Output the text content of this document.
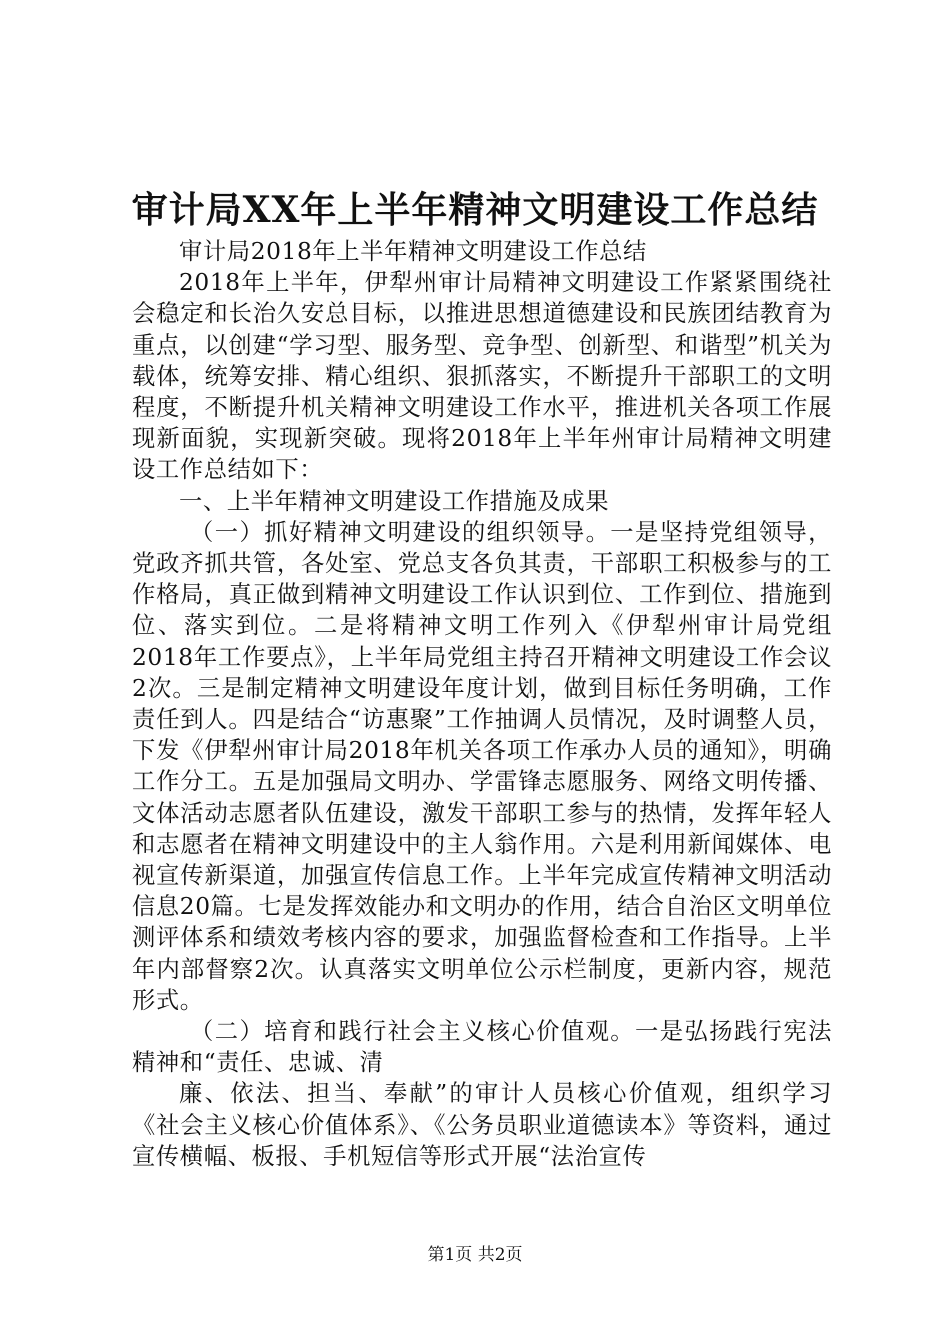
审计局XX年上半年精神文明建设工作总结

审计局2018年上半年精神文明建设工作总结

2018年上半年，伊犁州审计局精神文明建设工作紧紧围绕社会稳定和长治久安总目标，以推进思想道德建设和民族团结教育为重点，以创建“学习型、服务型、竞争型、创新型、和谐型”机关为载体，统筹安排、精心组织、狠抓落实，不断提升干部职工的文明程度，不断提升机关精神文明建设工作水平，推进机关各项工作展现新面貌，实现新突破。现将2018年上半年州审计局精神文明建设工作总结如下：

一、上半年精神文明建设工作措施及成果

（一）抓好精神文明建设的组织领导。一是坚持党组领导，党政齐抓共管，各处室、党总支各负其责，干部职工积极参与的工作格局，真正做到精神文明建设工作认识到位、工作到位、措施到位、落实到位。二是将精神文明工作列入《伊犁州审计局党组2018年工作要点》，上半年局党组主持召开精神文明建设工作会议2次。三是制定精神文明建设年度计划，做到目标任务明确，工作责任到人。四是结合“访惠聚”工作抽调人员情况，及时调整人员，下发《伊犁州审计局2018年机关各项工作承办人员的通知》，明确工作分工。五是加强局文明办、学雷锋志愿服务、网络文明传播、文体活动志愿者队伍建设，激发干部职工参与的热情，发挥年轻人和志愿者在精神文明建设中的主人翁作用。六是利用新闻媒体、电视宣传新渠道，加强宣传信息工作。上半年完成宣传精神文明活动信息20篇。七是发挥效能办和文明办的作用，结合自治区文明单位测评体系和绩效考核内容的要求，加强监督检查和工作指导。上半年内部督察2次。认真落实文明单位公示栏制度，更新内容，规范形式。

（二）培育和践行社会主义核心价值观。一是弘扬践行宪法精神和“责任、忠诚、清

廉、依法、担当、奉献”的审计人员核心价值观，组织学习《社会主义核心价值体系》、《公务员职业道德读本》等资料，通过宣传横幅、板报、手机短信等形式开展“法治宣传

第1页 共2页
